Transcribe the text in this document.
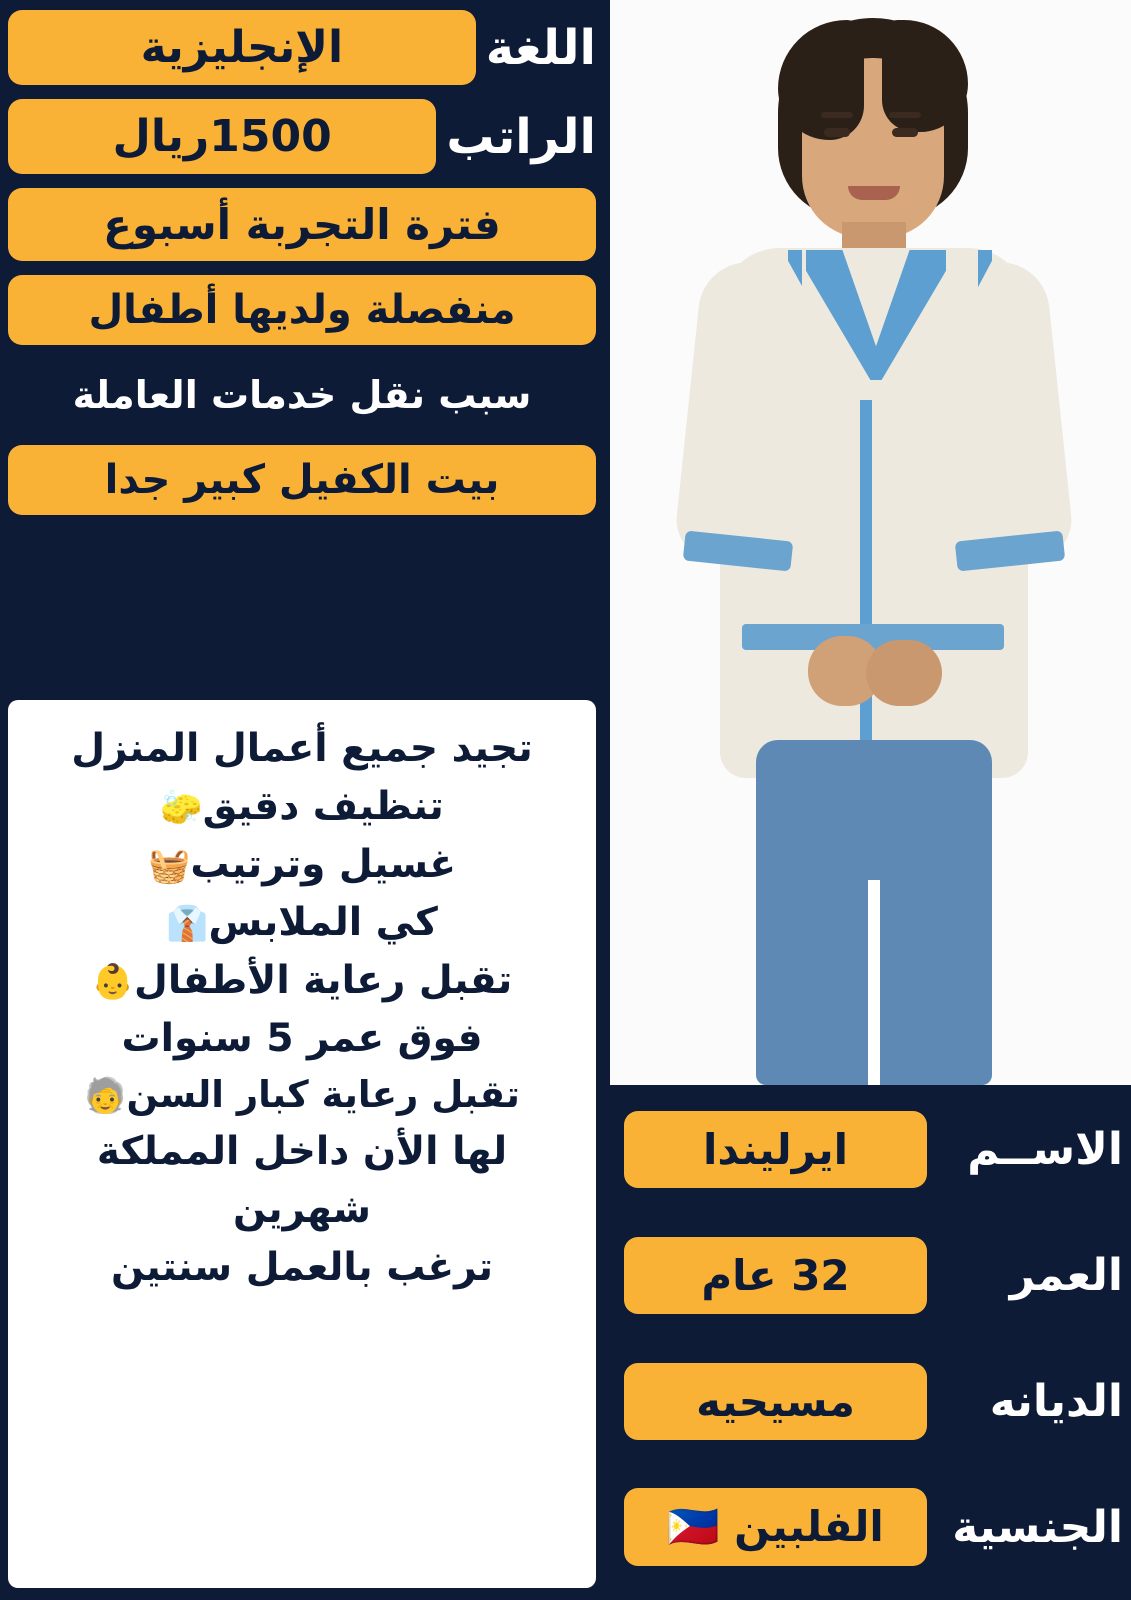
اللغة
الإنجليزية
الراتب
1500ريال
فترة التجربة أسبوع
منفصلة ولديها أطفال
سبب نقل خدمات العاملة
بيت الكفيل كبير جدا

تجيد جميع أعمال المنزل

تنظيف دقيق🧽

غسيل وترتيب🧺

كي الملابس👔

تقبل رعاية الأطفال👶

فوق عمر 5 سنوات

تقبل رعاية كبار السن🧓

لها الأن داخل المملكة

شهرين

ترغب بالعمل سنتين

الاســم
ايرليندا
العمر
32 عام
الديانه
مسيحيه
الجنسية
الفلبين 🇵🇭
